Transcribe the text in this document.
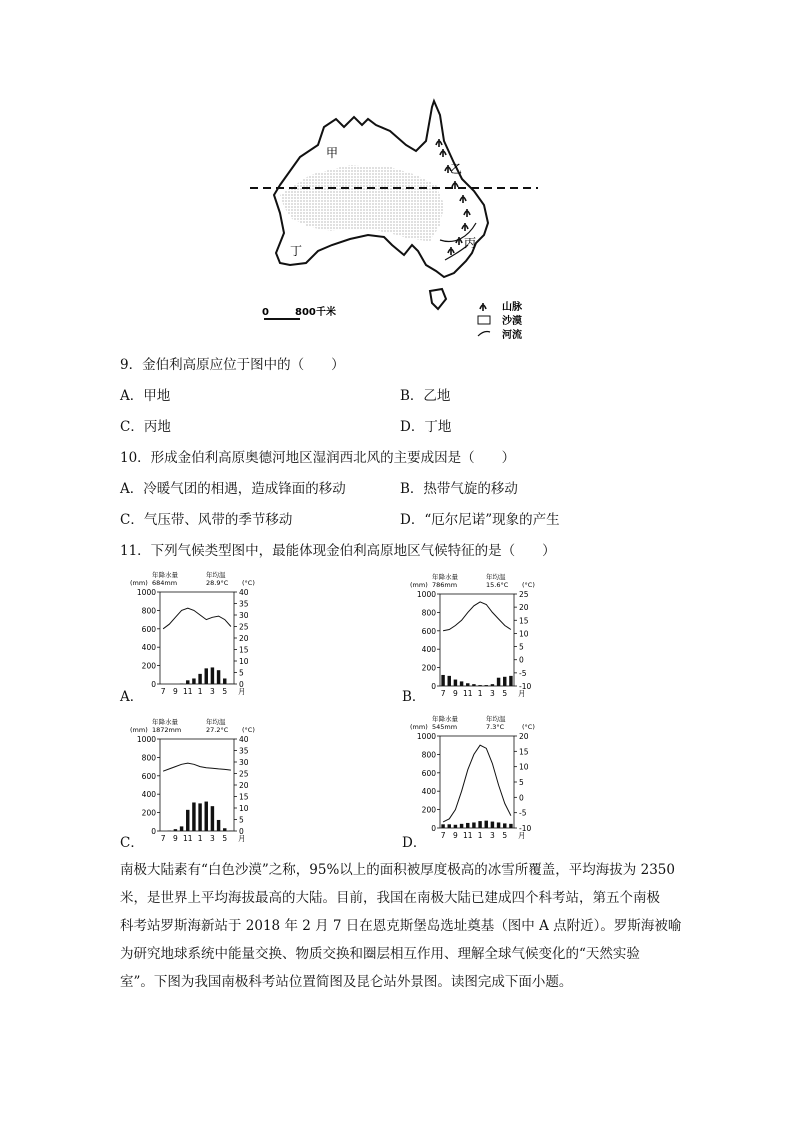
甲
乙
丙
丁
0	800 千米	山脉
沙漠
河流
9．金伯利高原应位于图中的（　　）
A．甲地	B．乙地
C．丙地	D．丁地
10．形成金伯利高原奥德河地区湿润西北风的主要成因是（　　）
A．冷暖气团的相遇，造成锋面的移动	B．热带气旋的移动
C．气压带、风带的季节移动	D．“厄尔尼诺”现象的产生
11．下列气候类型图中，最能体现金伯利高原地区气候特征的是（　　）
A．	B．
C．	D．
年降水量	年均温
(mm) 684mm	28.9°C (°C)
0
200
400
600
800
1000
0
5
10
15
20
25
30
35
40
7 9 11 1 3 5 月
年降水量	年均温
(mm) 786mm	15.6°C (°C)
0
200
400
600
800
1000
-10
-5
0
5
10
15
20
25
7 9 11 1 3 5 月
年降水量	年均温
(mm) 1872mm	27.2°C (°C)
0
200
400
600
800
1000
0
5
10
15
20
25
30
35
40
7 9 11 1 3 5 月
年降水量	年均温
(mm) 545mm	7.3°C	(°C)
0
200
400
600
800
1000
-10
-5
0
5
10
15
20
7 9 11 1 3 5 月
南极大陆素有“白色沙漠”之称，95%以上的面积被厚度极高的冰雪所覆盖，平均海拔为 2350
米，是世界上平均海拔最高的大陆。目前，我国在南极大陆已建成四个科考站，第五个南极
科考站罗斯海新站于 2018 年 2 月 7 日在恩克斯堡岛选址奠基（图中 A 点附近）。罗斯海被喻
为研究地球系统中能量交换、物质交换和圈层相互作用、理解全球气候变化的“天然实验
室”。下图为我国南极科考站位置简图及昆仑站外景图。读图完成下面小题。
